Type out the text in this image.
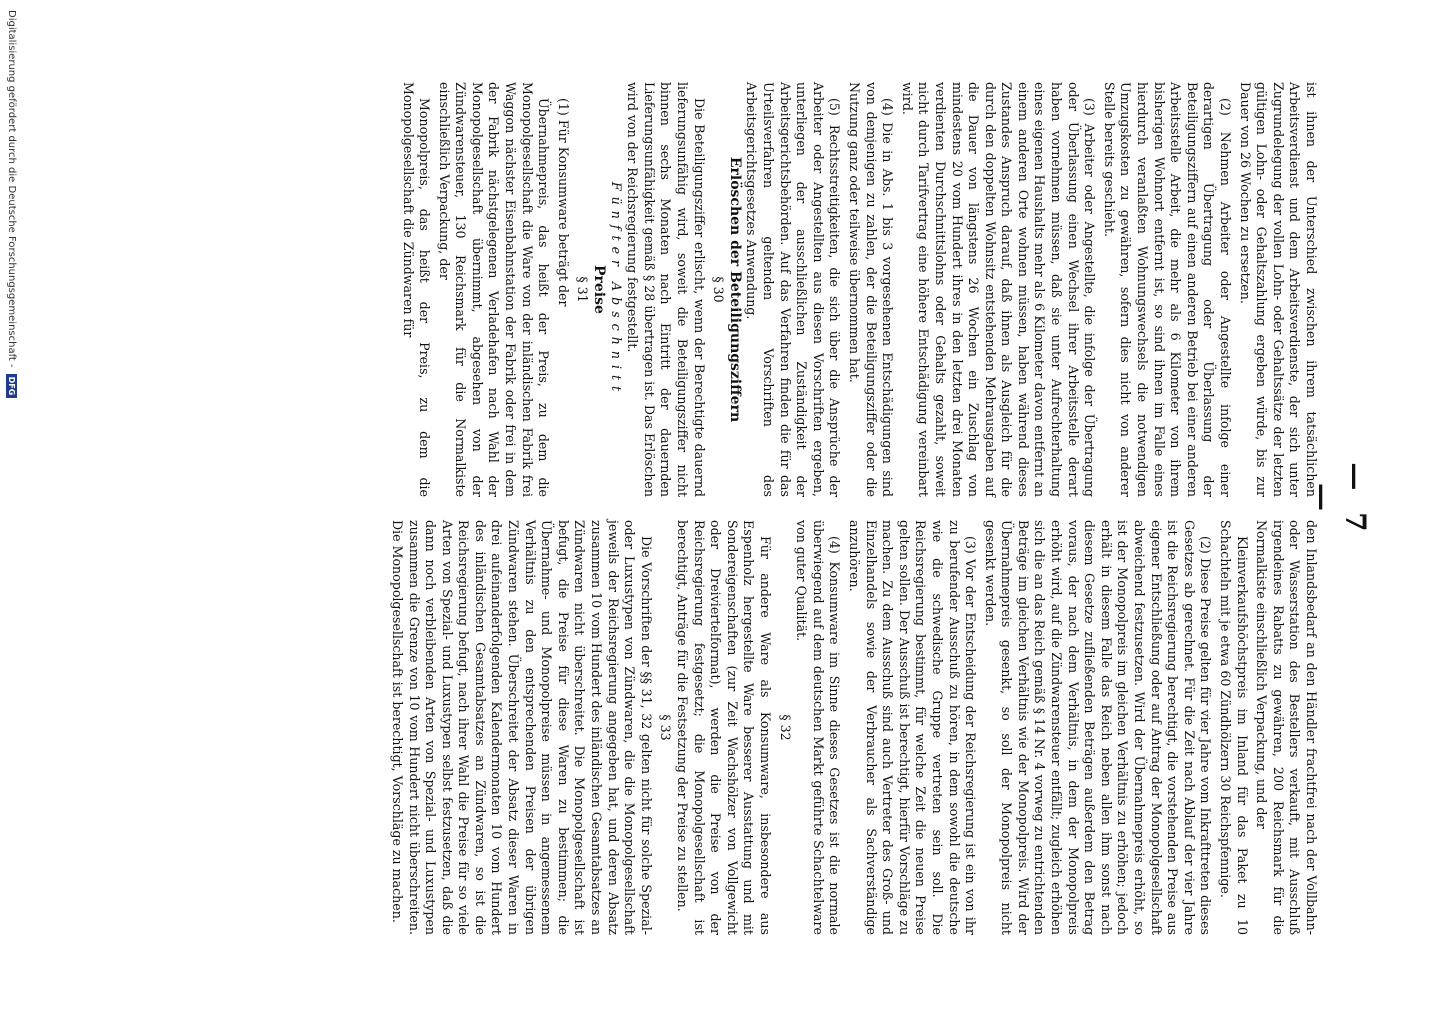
— 7 —

ist ihnen der Unterschied zwischen ihrem tatsächlichen Arbeitsverdienst und dem Arbeitsverdienste, der sich unter Zugrundelegung der vollen Lohn- oder Gehaltssätze der letzten gültigen Lohn- oder Gehaltszahlung ergeben würde, bis zur Dauer von 26 Wochen zu ersetzen.

(2) Nehmen Arbeiter oder Angestellte infolge einer derartigen Übertragung oder Überlassung der Beteiligungsziffern auf einen anderen Betrieb bei einer anderen Arbeitsstelle Arbeit, die mehr als 6 Kilometer von ihrem bisherigen Wohnort entfernt ist, so sind ihnen im Falle eines hierdurch veranlaßten Wohnungswechsels die notwendigen Umzugskosten zu gewähren, sofern dies nicht von anderer Stelle bereits geschieht.

(3) Arbeiter oder Angestellte, die infolge der Übertragung oder Überlassung einen Wechsel ihrer Arbeitsstelle derart haben vornehmen müssen, daß sie unter Aufrechterhaltung eines eigenen Haushalts mehr als 6 Kilometer davon entfernt an einem anderen Orte wohnen müssen, haben während dieses Zustandes Anspruch darauf, daß ihnen als Ausgleich für die durch den doppelten Wohnsitz entstehenden Mehrausgaben auf die Dauer von längstens 26 Wochen ein Zuschlag von mindestens 20 vom Hundert ihres in den letzten drei Monaten verdienten Durchschnittslohns oder Gehalts gezahlt, soweit nicht durch Tarifvertrag eine höhere Entschädigung vereinbart wird.

(4) Die in Abs. 1 bis 3 vorgesehenen Entschädigungen sind von demjenigen zu zahlen, der die Beteiligungsziffer oder die Nutzung ganz oder teilweise übernommen hat.

(5) Rechtsstreitigkeiten, die sich über die Ansprüche der Arbeiter oder Angestellten aus diesen Vorschriften ergeben, unterliegen der ausschließlichen Zuständigkeit der Arbeitsgerichtsbehörden. Auf das Verfahren finden die für das Urteilsverfahren geltenden Vorschriften des Arbeitsgerichtsgesetzes Anwendung.

Erlöschen der Beteiligungsziffern

§ 30

Die Beteiligungsziffer erlischt, wenn der Berechtigte dauernd lieferungsunfähig wird, soweit die Beteiligungsziffer nicht binnen sechs Monaten nach Eintritt der dauernden Lieferungsunfähigkeit gemäß § 28 übertragen ist. Das Erlöschen wird von der Reichsregierung festgestellt.

Fünfter Abschnitt

Preise

§ 31

(1) Für Konsumware beträgt der

Übernahmepreis, das heißt der Preis, zu dem die Monopolgesellschaft die Ware von der inländischen Fabrik frei Waggon nächster Eisenbahnstation der Fabrik oder frei in dem der Fabrik nächstgelegenen Verladehafen nach Wahl der Monopolgesellschaft übernimmt, abgesehen von der Zündwarensteuer, 130 Reichsmark für die Normalkiste einschließlich Verpackung, der

Monopolpreis, das heißt der Preis, zu dem die Monopolgesellschaft die Zündwaren für

den Inlandsbedarf an den Händler frachtfrei nach der Vollbahn- oder Wasserstation des Bestellers verkauft, mit Ausschluß irgendeines Rabatts zu gewähren, 200 Reichsmark für die Normalkiste einschließlich Verpackung, und der

Kleinverkaufshöchstpreis im Inland für das Paket zu 10 Schachteln mit je etwa 60 Zündhölzern 30 Reichspfennige.

(2) Diese Preise gelten für vier Jahre vom Inkrafttreten dieses Gesetzes ab gerechnet. Für die Zeit nach Ablauf der vier Jahre ist die Reichsregierung berechtigt, die vorstehenden Preise aus eigener Entschließung oder auf Antrag der Monopolgesellschaft abweichend festzusetzen. Wird der Übernahmepreis erhöht, so ist der Monopolpreis im gleichen Verhältnis zu erhöhen; jedoch erhält in diesem Falle das Reich neben allen ihm sonst nach diesem Gesetze zufließenden Beträgen außerdem den Betrag voraus, der nach dem Verhältnis, in dem der Monopolpreis erhöht wird, auf die Zündwarensteuer entfällt; zugleich erhöhen sich die an das Reich gemäß § 14 Nr. 4 vorweg zu entrichtenden Beträge im gleichen Verhältnis wie der Monopolpreis. Wird der Übernahmepreis gesenkt, so soll der Monopolpreis nicht gesenkt werden.

(3) Vor der Entscheidung der Reichsregierung ist ein von ihr zu berufender Ausschuß zu hören, in dem sowohl die deutsche wie die schwedische Gruppe vertreten sein soll. Die Reichsregierung bestimmt, für welche Zeit die neuen Preise gelten sollen. Der Ausschuß ist berechtigt, hierfür Vorschläge zu machen. Zu dem Ausschuß sind auch Vertreter des Groß- und Einzelhandels sowie der Verbraucher als Sachverständige anzuhören.

(4) Konsumware im Sinne dieses Gesetzes ist die normale überwiegend auf dem deutschen Markt geführte Schachtelware von guter Qualität.

§ 32

Für andere Ware als Konsumware, insbesondere aus Espenholz hergestellte Ware besserer Ausstattung und mit Sondereigenschaften (zur Zeit Wachshölzer von Vollgewicht oder Dreiviertelformat), werden die Preise von der Reichsregierung festgesetzt; die Monopolgesellschaft ist berechtigt, Anträge für die Festsetzung der Preise zu stellen.

§ 33

Die Vorschriften der §§ 31, 32 gelten nicht für solche Spezial- oder Luxustypen von Zündwaren, die die Monopolgesellschaft jeweils der Reichsregierung angegeben hat, und deren Absatz zusammen 10 vom Hundert des inländischen Gesamtabsatzes an Zündwaren nicht überschreitet. Die Monopolgesellschaft ist befugt, die Preise für diese Waren zu bestimmen; die Übernahme- und Monopolpreise müssen in angemessenem Verhältnis zu den entsprechenden Preisen der übrigen Zündwaren stehen. Überschreitet der Absatz dieser Waren in drei aufeinanderfolgenden Kalendermonaten 10 vom Hundert des inländischen Gesamtabsatzes an Zündwaren, so ist die Reichsregierung befugt, nach ihrer Wahl die Preise für so viele Arten von Spezial- und Luxustypen selbst festzusetzen, daß die dann noch verbleibenden Arten von Spezial- und Luxustypen zusammen die Grenze von 10 vom Hundert nicht überschreiten. Die Monopolgesellschaft ist berechtigt, Vorschläge zu machen.

Digitalisierung gefördert durch die Deutsche Forschungsgemeinschaft -
DFG
